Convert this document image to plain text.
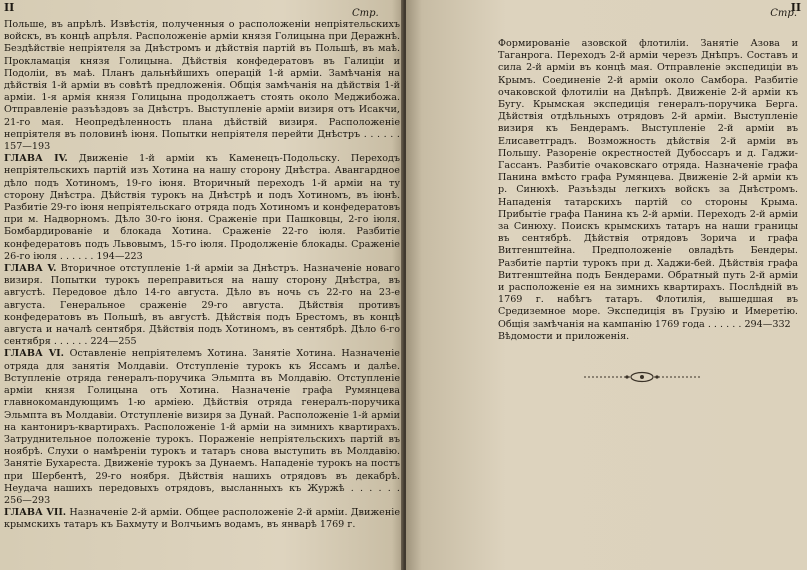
II	Стр.

Польше, въ апрѣлѣ. Извѣстія, полученныя о расположеніи непріятельскихъ войскъ, въ концѣ апрѣля. Расположеніе арміи князя Голицына при Деражнѣ. Бездѣйствіе непріятеля за Днѣстромъ и дѣйствія партій въ Польшѣ, въ маѣ. Прокламація князя Голицына. Дѣйствія конфедератовъ въ Галиціи и Подоліи, въ маѣ. Планъ дальнѣйшихъ операцій 1-й арміи. Замѣчанія на дѣйствія 1-й арміи въ совѣтѣ предложенія. Общія замѣчанія на дѣйствія 1-й арміи. 1-я армія князя Голицына продолжаетъ стоять около Меджибожа. Отправленіе разъѣздовъ за Днѣстръ. Выступленіе арміи визиря отъ Исакчи, 21-го мая. Неопредѣленность плана дѣйствій визиря. Расположеніе непріятеля въ половинѣ іюня. Попытки непріятеля перейти Днѣстръ . . . . . . 157—193

ГЛАВА IV. Движеніе 1-й арміи къ Каменецъ-Подольску. Переходъ непріятельскихъ партій изъ Хотина на нашу сторону Днѣстра. Авангардное дѣло подъ Хотиномъ, 19-го іюня. Вторичный переходъ 1-й арміи на ту сторону Днѣстра. Дѣйствія турокъ на Днѣстрѣ и подъ Хотиномъ, въ іюнѣ. Разбитіе 29-го іюня непріятельскаго отряда подъ Хотиномъ и конфедератовъ при м. Надворномъ. Дѣло 30-го іюня. Сраженіе при Пашковцы, 2-го іюля. Бомбардированіе и блокада Хотина. Сраженіе 22-го іюля. Разбитіе конфедератовъ подъ Львовымъ, 15-го іюля. Продолженіе блокады. Сраженіе 26-го іюля . . . . . . 194—223

ГЛАВА V. Вторичное отступленіе 1-й арміи за Днѣстръ. Назначеніе новаго визиря. Попытки турокъ переправиться на нашу сторону Днѣстра, въ августѣ. Передовое дѣло 14-го августа. Дѣло въ ночь съ 22-го на 23-е августа. Генеральное сраженіе 29-го августа. Дѣйствія противъ конфедератовъ въ Польшѣ, въ августѣ. Дѣйствія подъ Брестомъ, въ концѣ августа и началѣ сентября. Дѣйствія подъ Хотиномъ, въ сентябрѣ. Дѣло 6-го сентября . . . . . . 224—255

ГЛАВА VI. Оставленіе непріятелемъ Хотина. Занятіе Хотина. Назначеніе отряда для занятія Молдавіи. Отступленіе турокъ къ Яссамъ и далѣе. Вступленіе отряда генералъ-поручика Эльмпта въ Молдавію. Отступленіе арміи князя Голицына отъ Хотина. Назначеніе графа Румянцева главнокомандующимъ 1-ю арміею. Дѣйствія отряда генералъ-поручика Эльмпта въ Молдавіи. Отступленіе визиря за Дунай. Расположеніе 1-й арміи на кантониръ-квартирахъ. Расположеніе 1-й арміи на зимнихъ квартирахъ. Затруднительное положеніе турокъ. Пораженіе непріятельскихъ партій въ ноябрѣ. Слухи о намѣреніи турокъ и татаръ снова выступить въ Молдавію. Занятіе Бухареста. Движеніе турокъ за Дунаемъ. Нападеніе турокъ на постъ при Шербентѣ, 29-го ноября. Дѣйствія нашихъ отрядовъ въ декабрѣ. Неудача нашихъ передовыхъ отрядовъ, высланныхъ къ Журжѣ . . . . . . 256—293

ГЛАВА VII. Назначеніе 2-й арміи. Общее расположеніе 2-й арміи. Движеніе крымскихъ татаръ къ Бахмуту и Волчьимъ водамъ, въ январѣ 1769 г.

II
Стр.

Формированіе азовской флотиліи. Занятіе Азова и Таганрога. Переходъ 2-й арміи черезъ Днѣпръ. Составъ и сила 2-й арміи въ концѣ мая. Отправленіе экспедиціи въ Крымъ. Соединеніе 2-й арміи около Самбора. Разбитіе очаковской флотиліи на Днѣпрѣ. Движеніе 2-й арміи къ Бугу. Крымская экспедиція генералъ-поручика Берга. Дѣйствія отдѣльныхъ отрядовъ 2-й арміи. Выступленіе визиря къ Бендерамъ. Выступленіе 2-й арміи въ Елисаветградъ. Возможность дѣйствія 2-й арміи въ Польшу. Разореніе окрестностей Дубоссаръ и д. Гаджи-Гассанъ. Разбитіе очаковскаго отряда. Назначеніе графа Панина вмѣсто графа Румянцева. Движеніе 2-й арміи къ р. Синюхѣ. Разъѣзды легкихъ войскъ за Днѣстромъ. Нападенія татарскихъ партій со стороны Крыма. Прибытіе графа Панина къ 2-й арміи. Переходъ 2-й арміи за Синюху. Поискъ крымскихъ татаръ на наши границы въ сентябрѣ. Дѣйствія отрядовъ Зорича и графа Витгенштейна. Предположеніе овладѣть Бендеры. Разбитіе партіи турокъ при д. Хаджи-бей. Дѣйствія графа Витгенштейна подъ Бендерами. Обратный путь 2-й арміи и расположеніе ея на зимнихъ квартирахъ. Послѣдній въ 1769 г. набѣгъ татаръ. Флотилія, вышедшая въ Средиземное море. Экспедиція въ Грузію и Имеретію. Общія замѣчанія на кампанію 1769 года . . . . . . 294—332

Вѣдомости и приложенія.
